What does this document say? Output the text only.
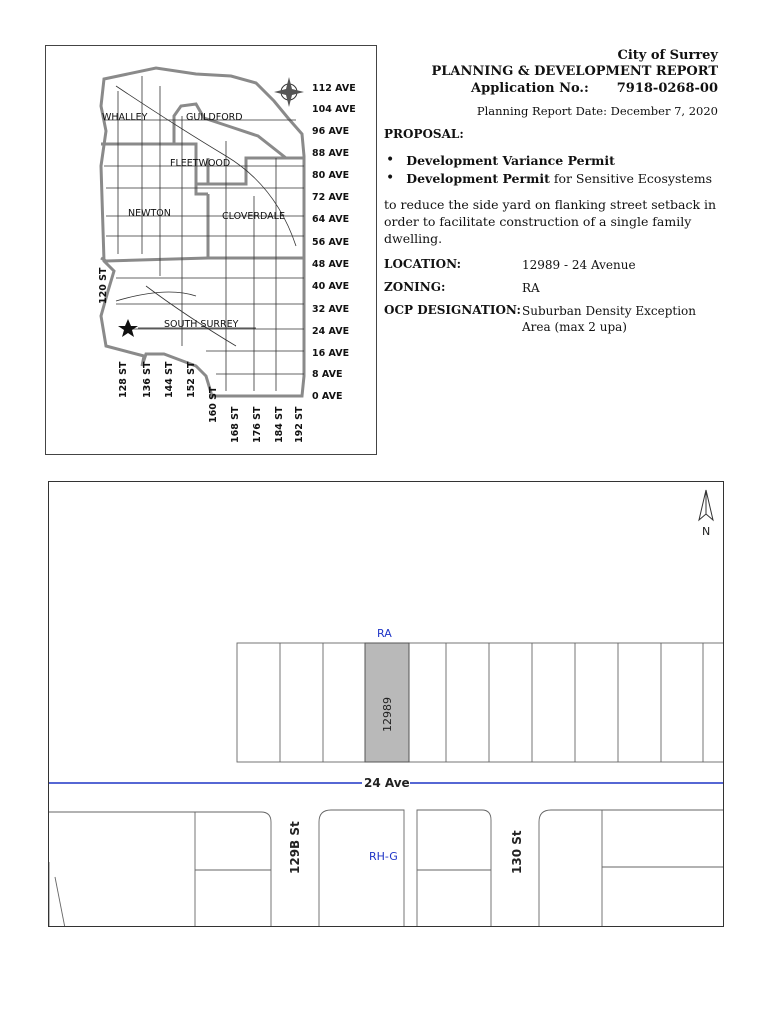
WHALLEY	GUILDFORD
FLEETWOOD
NEWTON	CLOVERDALE
SOUTH SURREY
112 AVE
104 AVE
96 AVE
88 AVE
80 AVE
72 AVE
64 AVE
56 AVE
48 AVE
40 AVE
32 AVE
24 AVE
16 AVE
8 AVE
0 AVE
120 ST
128 ST 136 ST 144 ST 152 ST
160 ST
168 ST 176 ST 184 ST 192 ST
City of Surrey
PLANNING & DEVELOPMENT REPORT
Application No.: 7918-0268-00
Planning Report Date: December 7, 2020
PROPOSAL:
• Development Variance Permit
• Development Permit for Sensitive Ecosystems
to reduce the side yard on flanking street setback in order to facilitate construction of a single family dwelling.
LOCATION:	12989 - 24 Avenue
ZONING:	RA
OCP DESIGNATION: Suburban Density Exception Area (max 2 upa)
N
12989
RA
24 Ave
RH-G
129B St	130 St
